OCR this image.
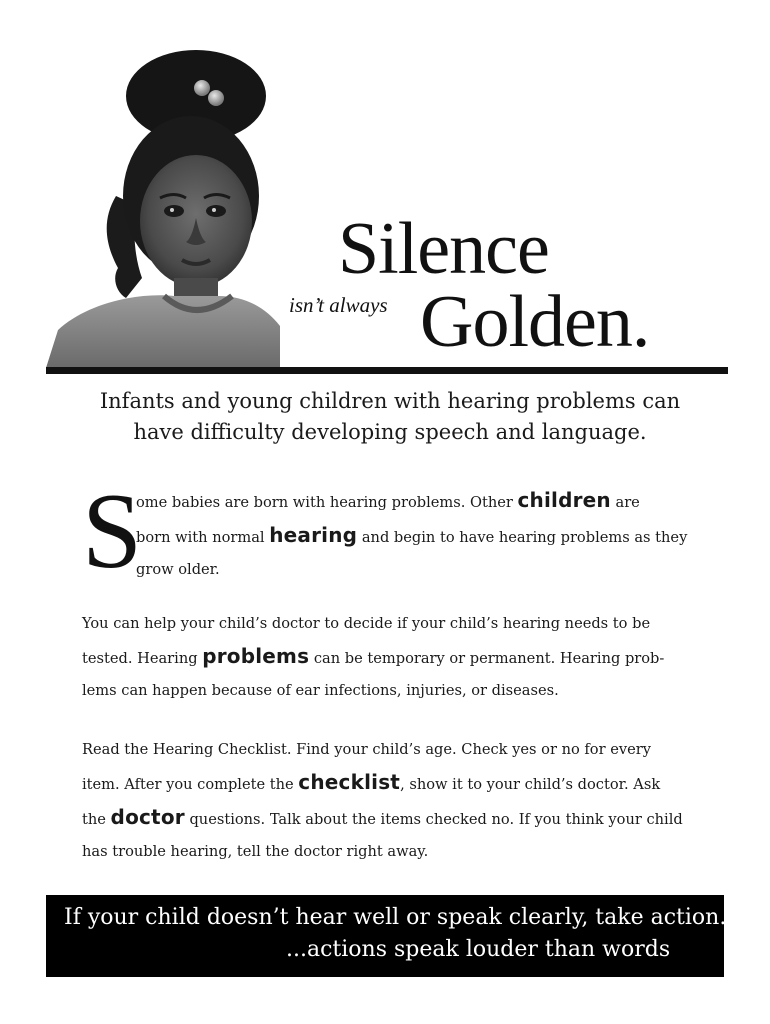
Silence
isn’t always Golden.
Infants and young children with hearing problems can
have difficulty developing speech and language.
S
ome babies are born with hearing problems. Other children are
born with normal hearing and begin to have hearing problems as they
grow older.
You can help your child’s doctor to decide if your child’s hearing needs to be
tested. Hearing problems can be temporary or permanent. Hearing prob-
lems can happen because of ear infections, injuries, or diseases.
Read the Hearing Checklist. Find your child’s age. Check yes or no for every
item. After you complete the checklist, show it to your child’s doctor. Ask
the doctor questions. Talk about the items checked no. If you think your child
has trouble hearing, tell the doctor right away.
If your child doesn’t hear well or speak clearly, take action...
...actions speak louder than words
